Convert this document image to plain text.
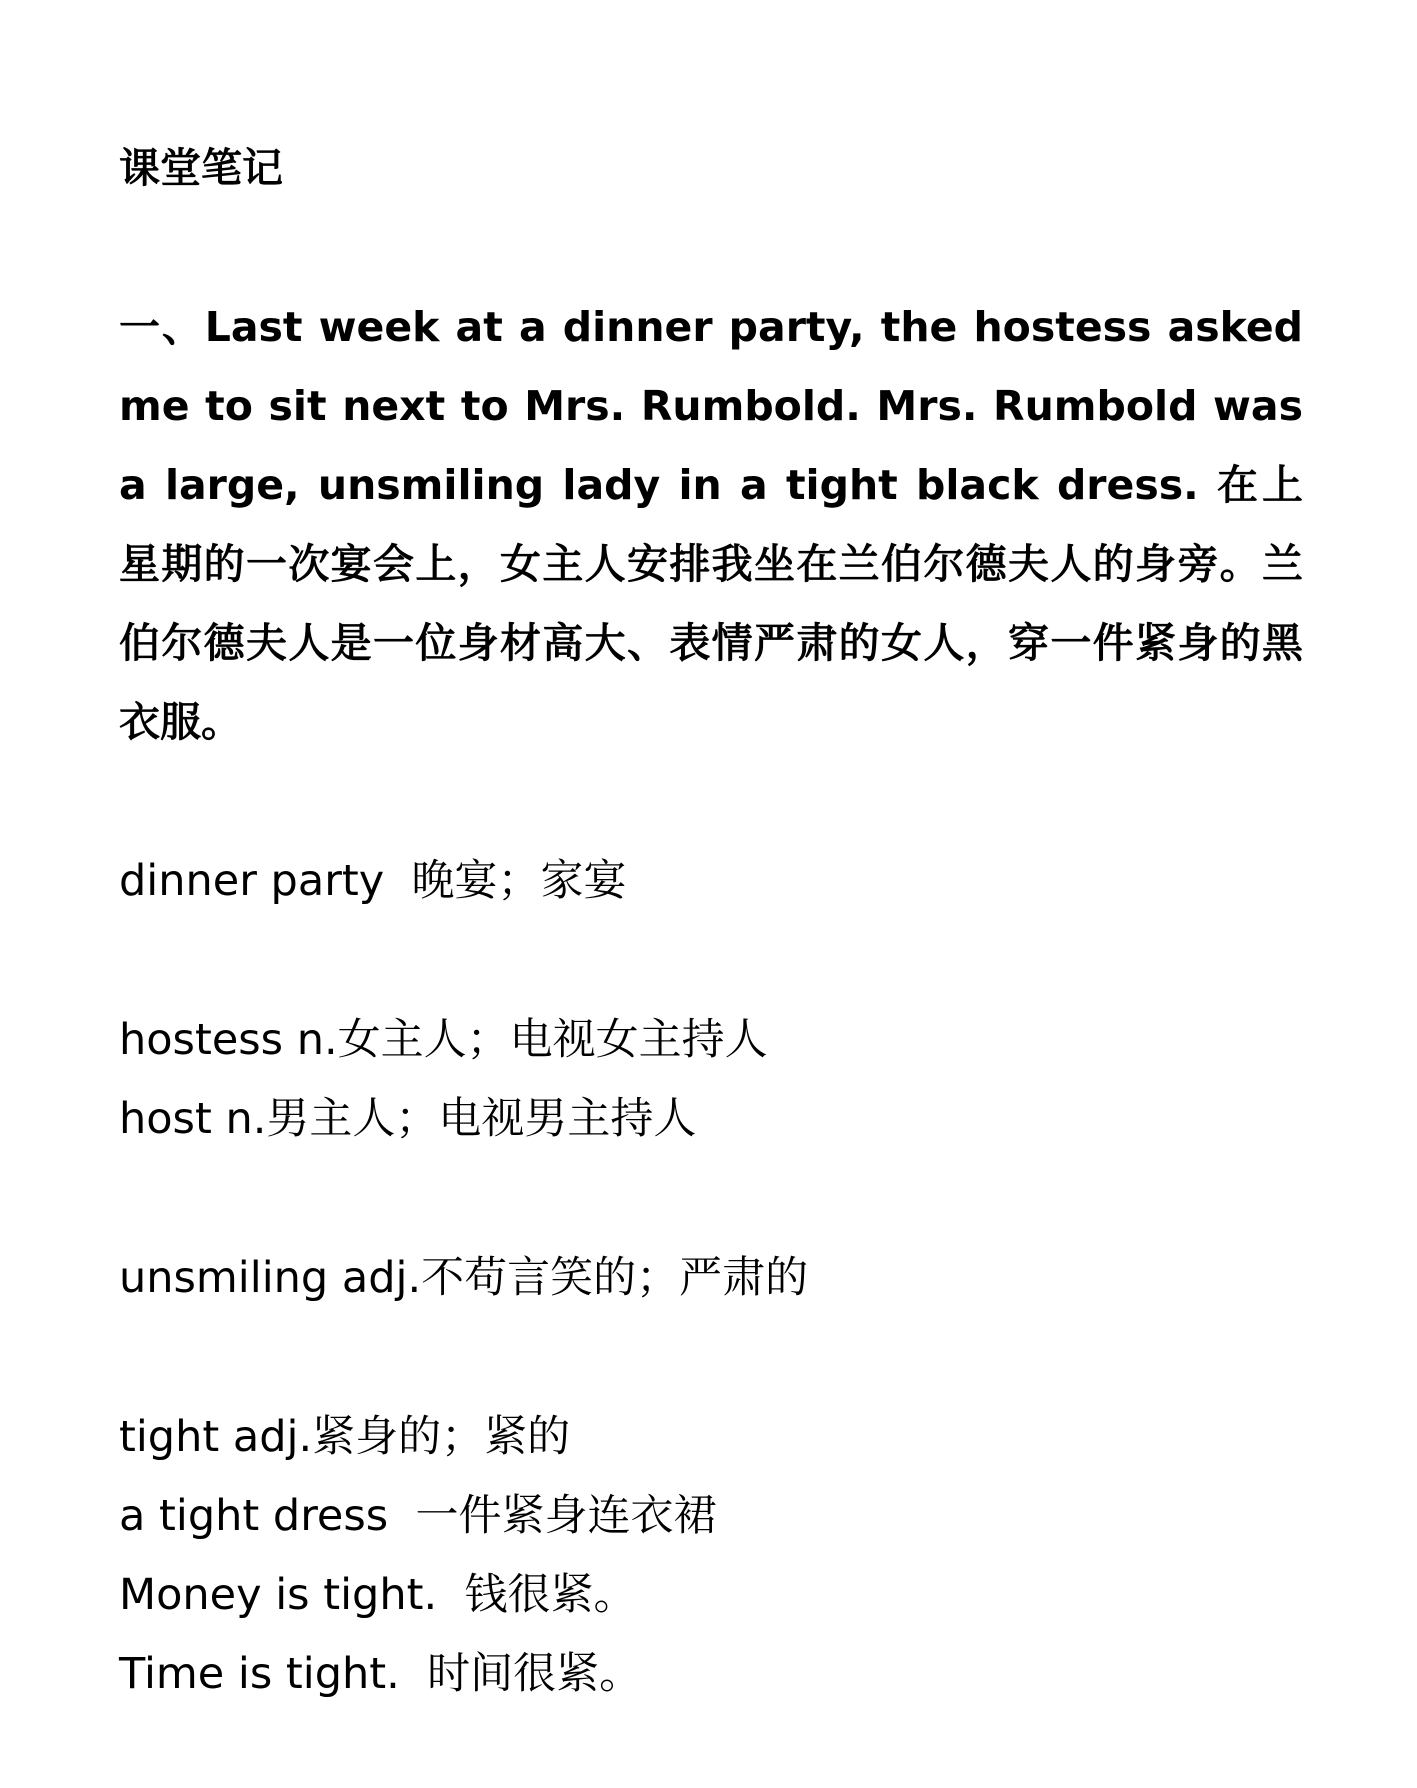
课堂笔记

一、Last week at a dinner party, the hostess asked me to sit next to Mrs. Rumbold. Mrs. Rumbold was a large, unsmiling lady in a tight black dress. 在上星期的一次宴会上，女主人安排我坐在兰伯尔德夫人的身旁。兰伯尔德夫人是一位身材高大、表情严肃的女人，穿一件紧身的黑衣服。

dinner party  晚宴；家宴

hostess n.女主人；电视女主持人

host n.男主人；电视男主持人

unsmiling adj.不苟言笑的；严肃的

tight adj.紧身的；紧的

a tight dress  一件紧身连衣裙

Money is tight.  钱很紧。

Time is tight.  时间很紧。
